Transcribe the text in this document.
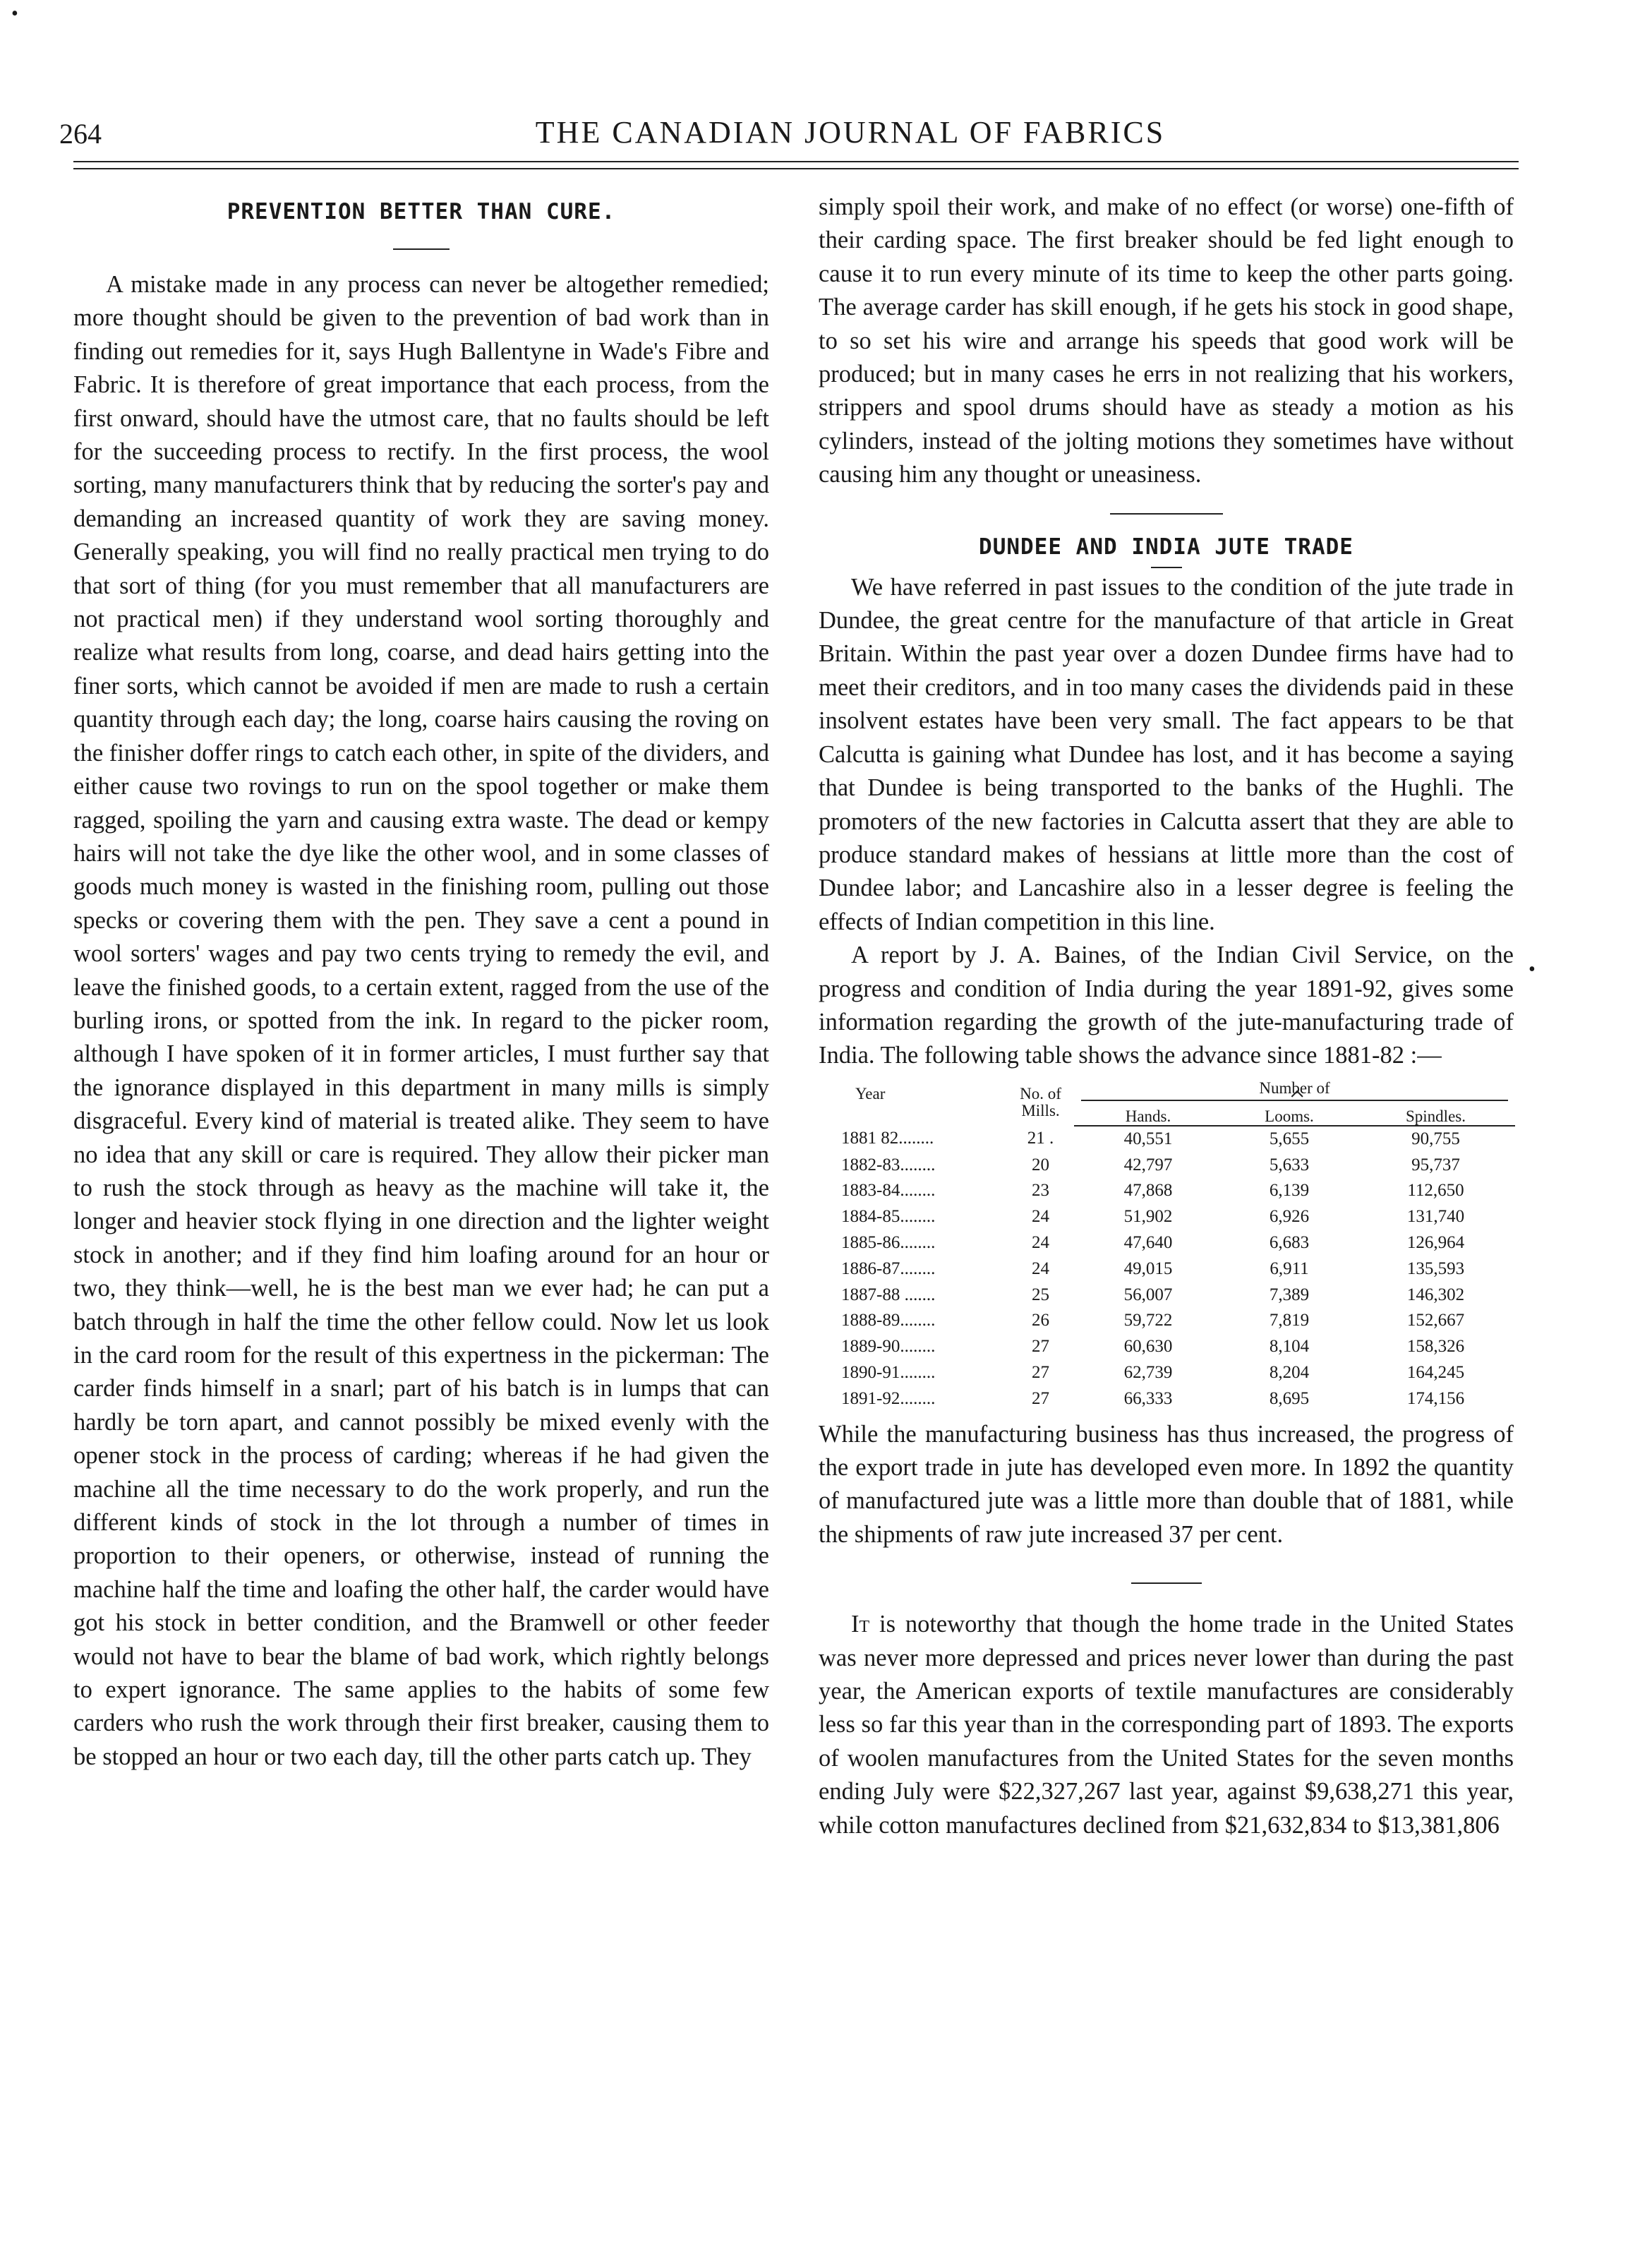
•
•
264	THE CANADIAN JOURNAL OF FABRICS
PREVENTION BETTER THAN CURE.

A mistake made in any process can never be altogether remedied; more thought should be given to the prevention of bad work than in finding out remedies for it, says Hugh Ballentyne in Wade's Fibre and Fabric. It is therefore of great importance that each process, from the first onward, should have the utmost care, that no faults should be left for the succeeding process to rectify. In the first process, the wool sorting, many manufacturers think that by reducing the sorter's pay and demanding an increased quantity of work they are saving money. Generally speaking, you will find no really practical men trying to do that sort of thing (for you must remember that all manufacturers are not practical men) if they understand wool sorting thoroughly and realize what results from long, coarse, and dead hairs getting into the finer sorts, which cannot be avoided if men are made to rush a certain quantity through each day; the long, coarse hairs causing the roving on the finisher doffer rings to catch each other, in spite of the dividers, and either cause two rovings to run on the spool together or make them ragged, spoiling the yarn and causing extra waste. The dead or kempy hairs will not take the dye like the other wool, and in some classes of goods much money is wasted in the finishing room, pulling out those specks or covering them with the pen. They save a cent a pound in wool sorters' wages and pay two cents trying to remedy the evil, and leave the finished goods, to a certain extent, ragged from the use of the burling irons, or spotted from the ink. In regard to the picker room, although I have spoken of it in former articles, I must further say that the ignorance displayed in this department in many mills is simply disgraceful. Every kind of material is treated alike. They seem to have no idea that any skill or care is required. They allow their picker man to rush the stock through as heavy as the machine will take it, the longer and heavier stock flying in one direction and the lighter weight stock in another; and if they find him loafing around for an hour or two, they think—well, he is the best man we ever had; he can put a batch through in half the time the other fellow could. Now let us look in the card room for the result of this expertness in the pickerman: The carder finds himself in a snarl; part of his batch is in lumps that can hardly be torn apart, and cannot possibly be mixed evenly with the opener stock in the process of carding; whereas if he had given the machine all the time necessary to do the work properly, and run the different kinds of stock in the lot through a number of times in proportion to their openers, or otherwise, instead of running the machine half the time and loafing the other half, the carder would have got his stock in better condition, and the Bramwell or other feeder would not have to bear the blame of bad work, which rightly belongs to expert ignorance. The same applies to the habits of some few carders who rush the work through their first breaker, causing them to be stopped an hour or two each day, till the other parts catch up. They

simply spoil their work, and make of no effect (or worse) one-fifth of their carding space. The first breaker should be fed light enough to cause it to run every minute of its time to keep the other parts going. The average carder has skill enough, if he gets his stock in good shape, to so set his wire and arrange his speeds that good work will be produced; but in many cases he errs in not realizing that his workers, strippers and spool drums should have as steady a motion as his cylinders, instead of the jolting motions they sometimes have without causing him any thought or uneasiness.

DUNDEE AND INDIA JUTE TRADE

We have referred in past issues to the condition of the jute trade in Dundee, the great centre for the manufacture of that article in Great Britain. Within the past year over a dozen Dundee firms have had to meet their creditors, and in too many cases the dividends paid in these insolvent estates have been very small. The fact appears to be that Calcutta is gaining what Dundee has lost, and it has become a saying that Dundee is being transported to the banks of the Hughli. The promoters of the new factories in Calcutta assert that they are able to produce standard makes of hessians at little more than the cost of Dundee labor; and Lancashire also in a lesser degree is feeling the effects of Indian competition in this line.

A report by J. A. Baines, of the Indian Civil Service, on the progress and condition of India during the year 1891-92, gives some information regarding the growth of the jute-manufacturing trade of India. The following table shows the advance since 1881-82 :—

Year	No. of Mills.	Number of		

		Hands.	Looms.	Spindles.
1881 82........	21 .	40,551	5,655	90,755
1882-83........	20	42,797	5,633	95,737
1883-84........	23	47,868	6,139	112,650
1884-85........	24	51,902	6,926	131,740
1885-86........	24	47,640	6,683	126,964
1886-87........	24	49,015	6,911	135,593
1887-88 .......	25	56,007	7,389	146,302
1888-89........	26	59,722	7,819	152,667
1889-90........	27	60,630	8,104	158,326
1890-91........	27	62,739	8,204	164,245
1891-92........	27	66,333	8,695	174,156

While the manufacturing business has thus increased, the progress of the export trade in jute has developed even more. In 1892 the quantity of manufactured jute was a little more than double that of 1881, while the shipments of raw jute increased 37 per cent.

It is noteworthy that though the home trade in the United States was never more depressed and prices never lower than during the past year, the American exports of textile manufactures are considerably less so far this year than in the corresponding part of 1893. The exports of woolen manufactures from the United States for the seven months ending July were $22,327,267 last year, against $9,638,271 this year, while cotton manufactures declined from $21,632,834 to $13,381,806
